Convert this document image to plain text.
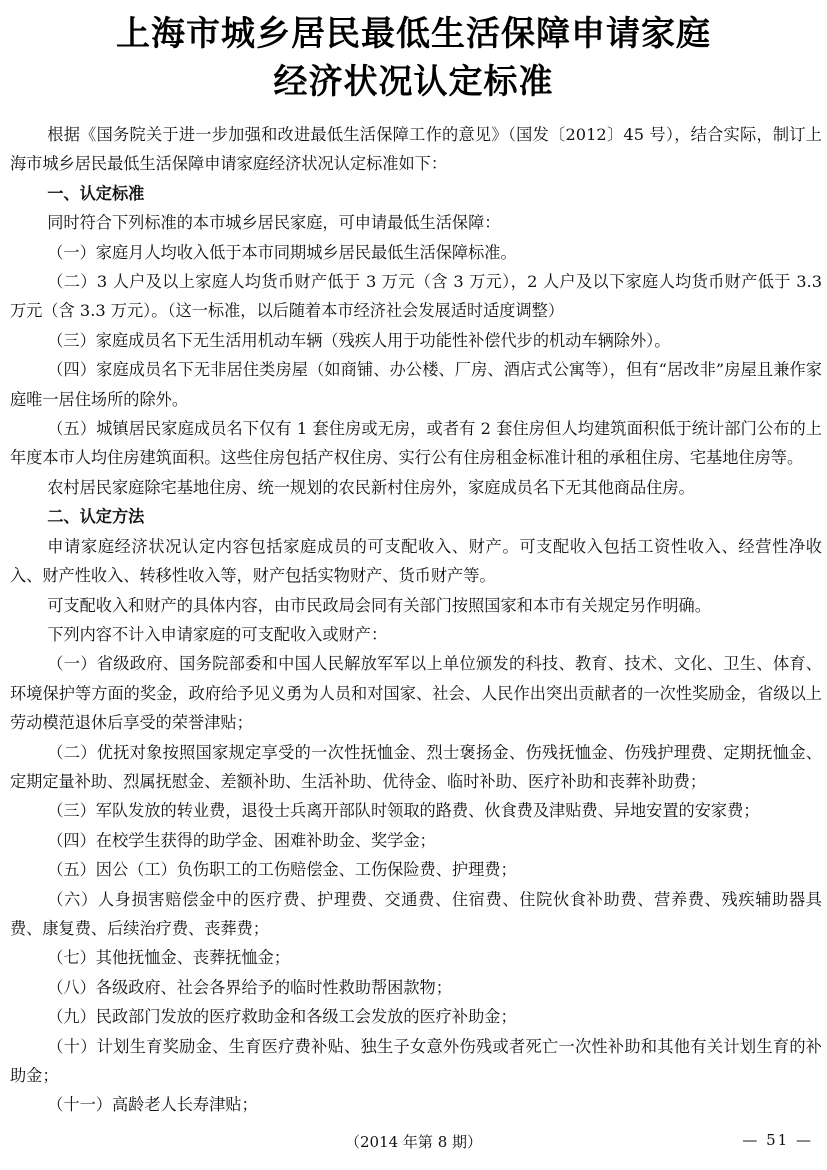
上海市城乡居民最低生活保障申请家庭
经济状况认定标准

根据《国务院关于进一步加强和改进最低生活保障工作的意见》（国发〔2012〕45 号），结合实际，制订上海市城乡居民最低生活保障申请家庭经济状况认定标准如下：

一、认定标准

同时符合下列标准的本市城乡居民家庭，可申请最低生活保障：

（一）家庭月人均收入低于本市同期城乡居民最低生活保障标准。

（二）3 人户及以上家庭人均货币财产低于 3 万元（含 3 万元），2 人户及以下家庭人均货币财产低于 3.3 万元（含 3.3 万元）。（这一标准，以后随着本市经济社会发展适时适度调整）

（三）家庭成员名下无生活用机动车辆（残疾人用于功能性补偿代步的机动车辆除外）。

（四）家庭成员名下无非居住类房屋（如商铺、办公楼、厂房、酒店式公寓等），但有“居改非”房屋且兼作家庭唯一居住场所的除外。

（五）城镇居民家庭成员名下仅有 1 套住房或无房，或者有 2 套住房但人均建筑面积低于统计部门公布的上年度本市人均住房建筑面积。这些住房包括产权住房、实行公有住房租金标准计租的承租住房、宅基地住房等。

农村居民家庭除宅基地住房、统一规划的农民新村住房外，家庭成员名下无其他商品住房。

二、认定方法

申请家庭经济状况认定内容包括家庭成员的可支配收入、财产。可支配收入包括工资性收入、经营性净收入、财产性收入、转移性收入等，财产包括实物财产、货币财产等。

可支配收入和财产的具体内容，由市民政局会同有关部门按照国家和本市有关规定另作明确。

下列内容不计入申请家庭的可支配收入或财产：

（一）省级政府、国务院部委和中国人民解放军军以上单位颁发的科技、教育、技术、文化、卫生、体育、环境保护等方面的奖金，政府给予见义勇为人员和对国家、社会、人民作出突出贡献者的一次性奖励金，省级以上劳动模范退休后享受的荣誉津贴；

（二）优抚对象按照国家规定享受的一次性抚恤金、烈士褒扬金、伤残抚恤金、伤残护理费、定期抚恤金、定期定量补助、烈属抚慰金、差额补助、生活补助、优待金、临时补助、医疗补助和丧葬补助费；

（三）军队发放的转业费，退役士兵离开部队时领取的路费、伙食费及津贴费、异地安置的安家费；

（四）在校学生获得的助学金、困难补助金、奖学金；

（五）因公（工）负伤职工的工伤赔偿金、工伤保险费、护理费；

（六）人身损害赔偿金中的医疗费、护理费、交通费、住宿费、住院伙食补助费、营养费、残疾辅助器具费、康复费、后续治疗费、丧葬费；

（七）其他抚恤金、丧葬抚恤金；

（八）各级政府、社会各界给予的临时性救助帮困款物；

（九）民政部门发放的医疗救助金和各级工会发放的医疗补助金；

（十）计划生育奖励金、生育医疗费补贴、独生子女意外伤残或者死亡一次性补助和其他有关计划生育的补助金；

（十一）高龄老人长寿津贴；

（2014 年第 8 期）	— 51 —
